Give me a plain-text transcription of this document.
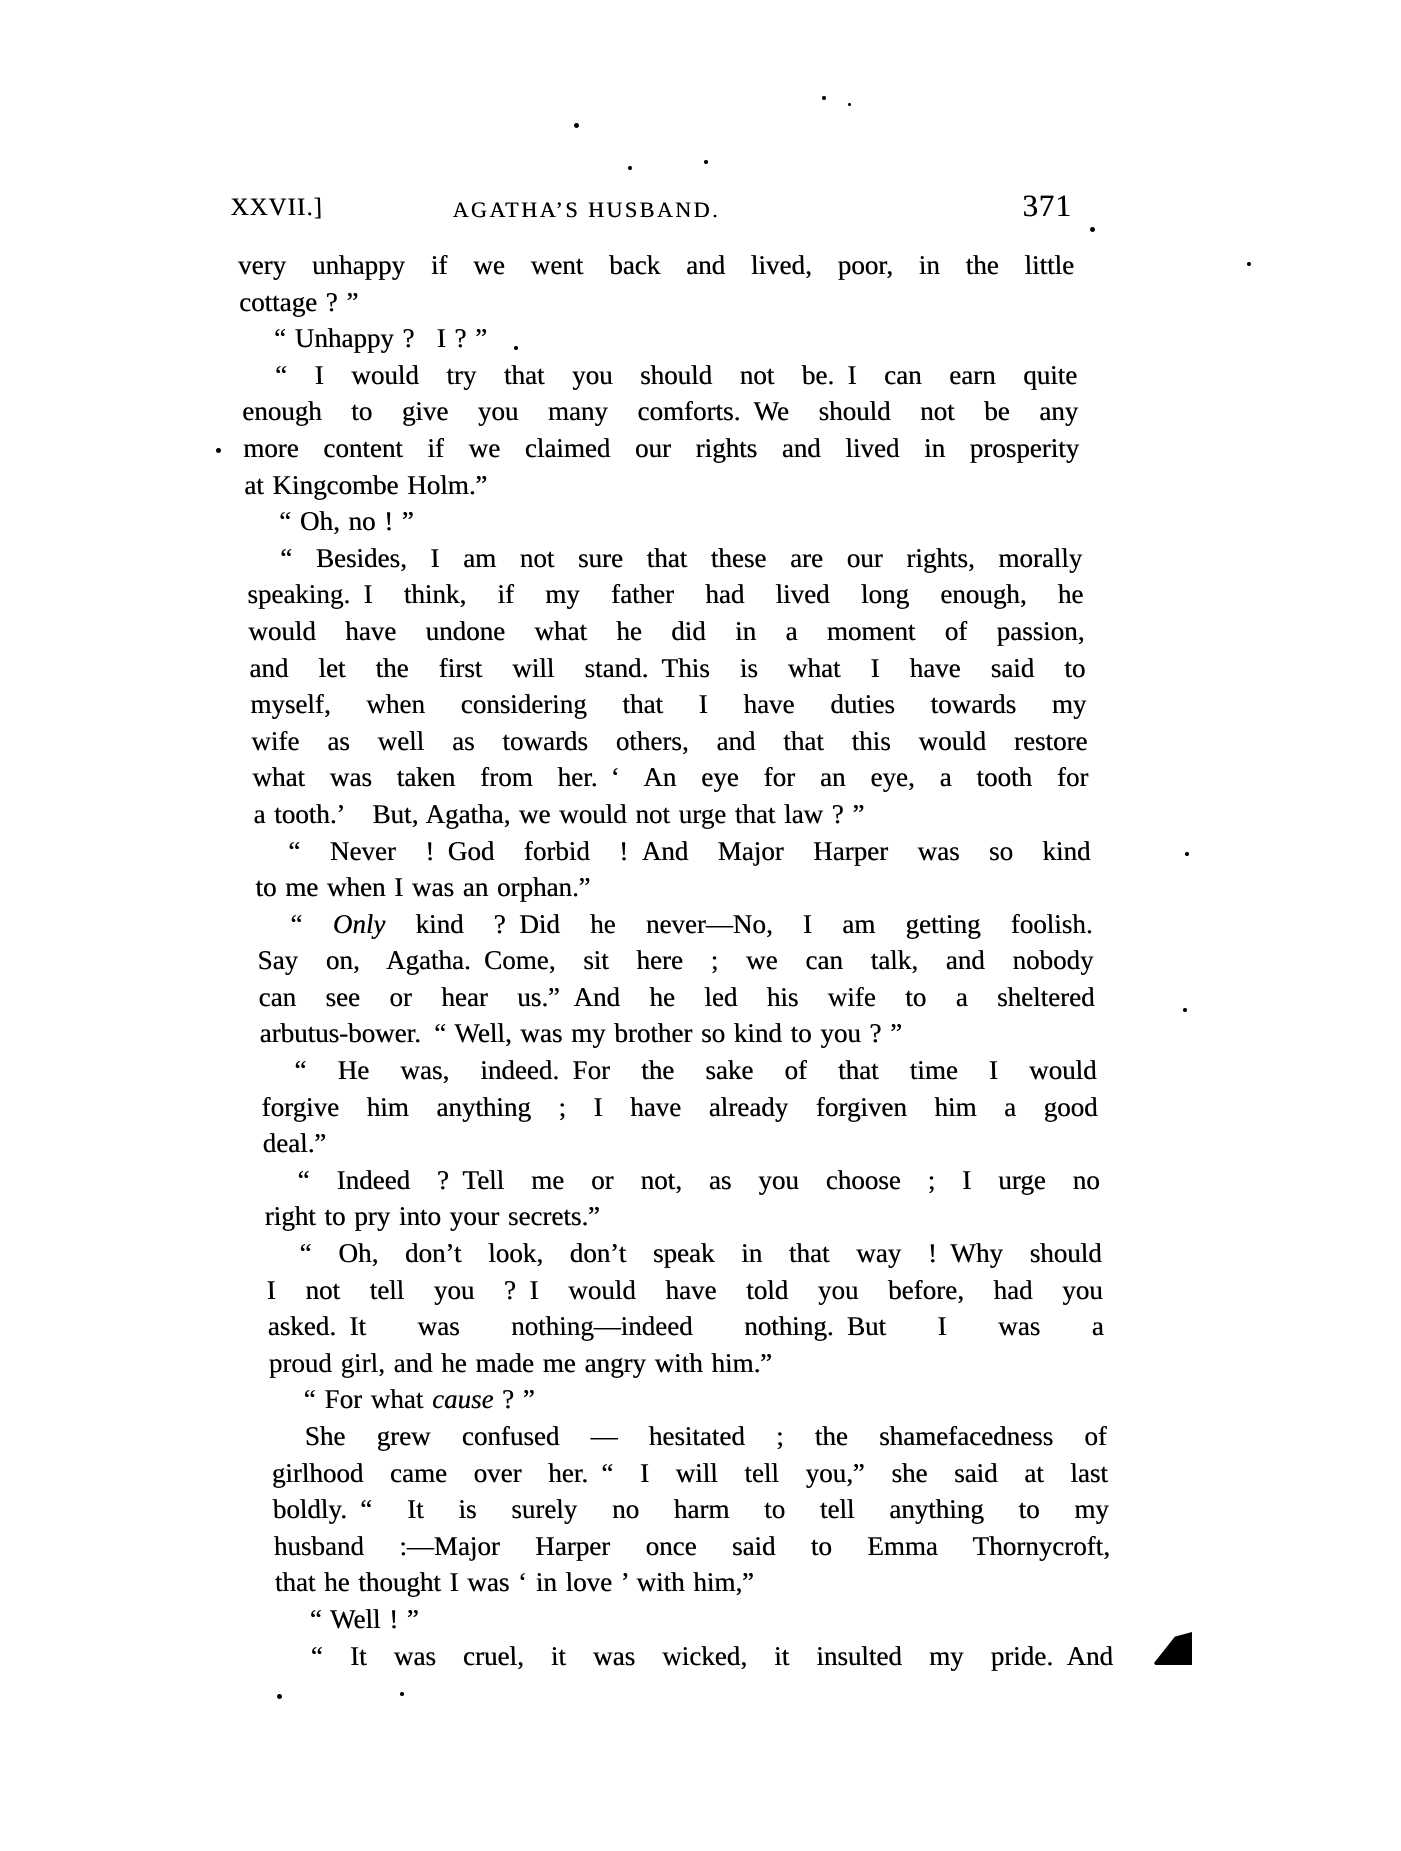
XXVII.]	AGATHA’S HUSBAND.	371
very unhappy if we went back and lived, poor, in the little
cottage ? ”
“ Unhappy ?  I ? ”
“ I would try that you should not be. I can earn quite
enough to give you many comforts. We should not be any
more content if we claimed our rights and lived in prosperity
at Kingcombe Holm.”
“ Oh, no ! ”
“ Besides, I am not sure that these are our rights, morally
speaking. I think, if my father had lived long enough, he
would have undone what he did in a moment of passion,
and let the first will stand. This is what I have said to
myself, when considering that I have duties towards my
wife as well as towards others, and that this would restore
what was taken from her. ‘ An eye for an eye, a tooth for
a tooth.’  But, Agatha, we would not urge that law ? ”
“ Never ! God forbid ! And Major Harper was so kind
to me when I was an orphan.”
“ Only kind ? Did he never—No, I am getting foolish.
Say on, Agatha. Come, sit here ; we can talk, and nobody
can see or hear us.” And he led his wife to a sheltered
arbutus-bower. “ Well, was my brother so kind to you ? ”
“ He was, indeed. For the sake of that time I would
forgive him anything ; I have already forgiven him a good
deal.”
“ Indeed ? Tell me or not, as you choose ; I urge no
right to pry into your secrets.”
“ Oh, don’t look, don’t speak in that way ! Why should
I not tell you ? I would have told you before, had you
asked. It was nothing—indeed nothing. But I was a
proud girl, and he made me angry with him.”
“ For what cause ? ”
She grew confused — hesitated ; the shamefacedness of
girlhood came over her. “ I will tell you,” she said at last
boldly. “ It is surely no harm to tell anything to my
husband :—Major Harper once said to Emma Thornycroft,
that he thought I was ‘ in love ’ with him,”
“ Well ! ”
“ It was cruel, it was wicked, it insulted my pride. And
